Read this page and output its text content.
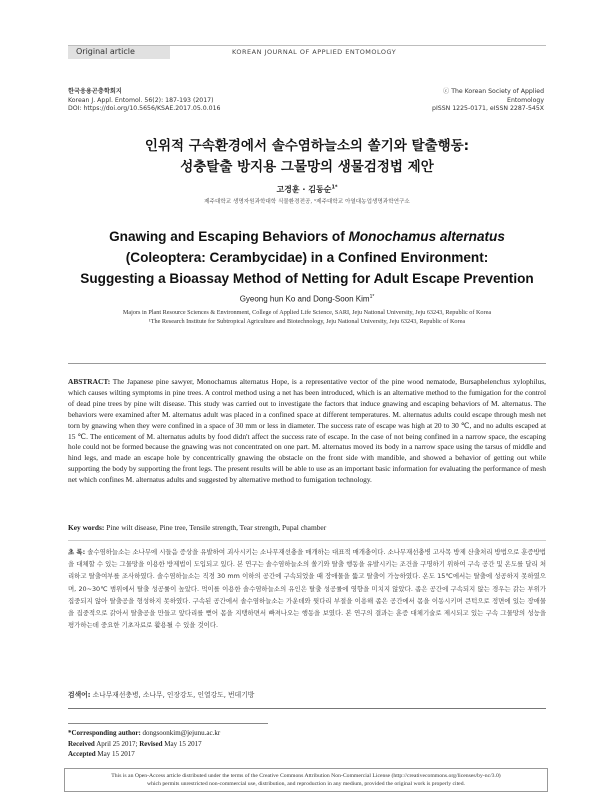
Original article	KOREAN JOURNAL OF APPLIED ENTOMOLOGY
한국응용곤충학회지
Korean J. Appl. Entomol. 56(2): 187-193 (2017)
DOI: https://doi.org/10.5656/KSAE.2017.05.0.016
ⓒ The Korean Society of Applied Entomology
pISSN 1225-0171, eISSN 2287-545X
인위적 구속환경에서 솔수염하늘소의 쏠기와 탈출행동:
성충탈출 방지용 그물망의 생물검정법 제안
고경훈 · 김동순$^{1*}$
제주대학교 생명자원과학대학 식물환경전공, ¹제주대학교 아열대농업생명과학연구소
Gnawing and Escaping Behaviors of Monochamus alternatus
(Coleoptera: Cerambycidae) in a Confined Environment:
Suggesting a Bioassay Method of Netting for Adult Escape Prevention
Gyeong hun Ko and Dong-Soon Kim$^{1*}$
Majors in Plant Resource Sciences & Environment, College of Applied Life Science, SARI, Jeju National University, Jeju 63243, Republic of Korea
¹The Research Institute for Subtropical Agriculture and Biotechnology, Jeju National University, Jeju 63243, Republic of Korea
ABSTRACT: The Japanese pine sawyer, Monochamus alternatus Hope, is a representative vector of the pine wood nematode, Bursaphelenchus xylophilus, which causes wilting symptoms in pine trees. A control method using a net has been introduced, which is an alternative method to the fumigation for the control of dead pine trees by pine wilt disease. This study was carried out to investigate the factors that induce gnawing and escaping behaviors of M. alternatus. The behaviors were examined after M. alternatus adult was placed in a confined space at different temperatures. M. alternatus adults could escape through mesh net torn by gnawing when they were confined in a space of 30 mm or less in diameter. The success rate of escape was high at 20 to 30 ℃, and no adults escaped at 15 ℃. The enticement of M. alternatus adults by food didn't affect the success rate of escape. In the case of not being confined in a narrow space, the escaping hole could not be formed because the gnawing was not concentrated on one part. M. alternatus moved its body in a narrow space using the tarsus of middle and hind legs, and made an escape hole by concentrically gnawing the obstacle on the front side with mandible, and showed a behavior of getting out while supporting the body by supporting the front legs. The present results will be able to use as an important basic information for evaluating the performance of mesh net which confines M. alternatus adults and suggested by alternative method to fumigation technology.
Key words: Pine wilt disease, Pine tree, Tensile strength, Tear strength, Pupal chamber
초 록: 솔수염하늘소는 소나무에 시들음 증상을 유발하여 괴사시키는 소나무재선충을 매개하는 대표적 매개충이다. 소나무재선충병 고사목 방제 산출처리 방법으로 훈증방법을 대체할 수 있는 그물망을 이용한 방제법이 도입되고 있다. 본 연구는 솔수염하늘소의 쏠기와 탈출 행동을 유발시키는 조건을 구명하기 위하여 구속 공간 및 온도를 달리 처리하고 탈출여부를 조사하였다. 솔수염하늘소는 직경 30 mm 이하의 공간에 구속되었을 때 장애물을 뚫고 탈출이 가능하였다. 온도 15℃에서는 탈출에 성공하지 못하였으며, 20~30℃ 범위에서 탈출 성공률이 높았다. 먹이를 이용한 솔수염하늘소의 유인은 탈출 성공률에 영향을 미치지 않았다. 좁은 공간에 구속되지 않는 경우는 갉는 부위가 집중되지 않아 탈출공을 형성하지 못하였다. 구속된 공간에서 솔수염하늘소는 가운데와 뒷다리 부절을 이용해 좁은 공간에서 몸을 이동시키며 큰턱으로 정면에 있는 장애물을 집중적으로 갉아서 탈출공을 만들고 앞다리를 뻗어 몸을 지탱하면서 빠져나오는 행동을 보였다. 본 연구의 결과는 훈증 대체기술로 제시되고 있는 구속 그물망의 성능을 평가하는데 중요한 기초자료로 활용될 수 있을 것이다.
검색어: 소나무재선충병, 소나무, 인장강도, 인열강도, 번데기방
*Corresponding author: dongsoonkim@jejunu.ac.kr
Received April 25 2017; Revised May 15 2017
Accepted May 15 2017
This is an Open-Access article distributed under the terms of the Creative Commons Attribution Non-Commercial License (http://creativecommons.org/licenses/by-nc/3.0)
which permits unrestricted non-commercial use, distribution, and reproduction in any medium, provided the original work is properly cited.
